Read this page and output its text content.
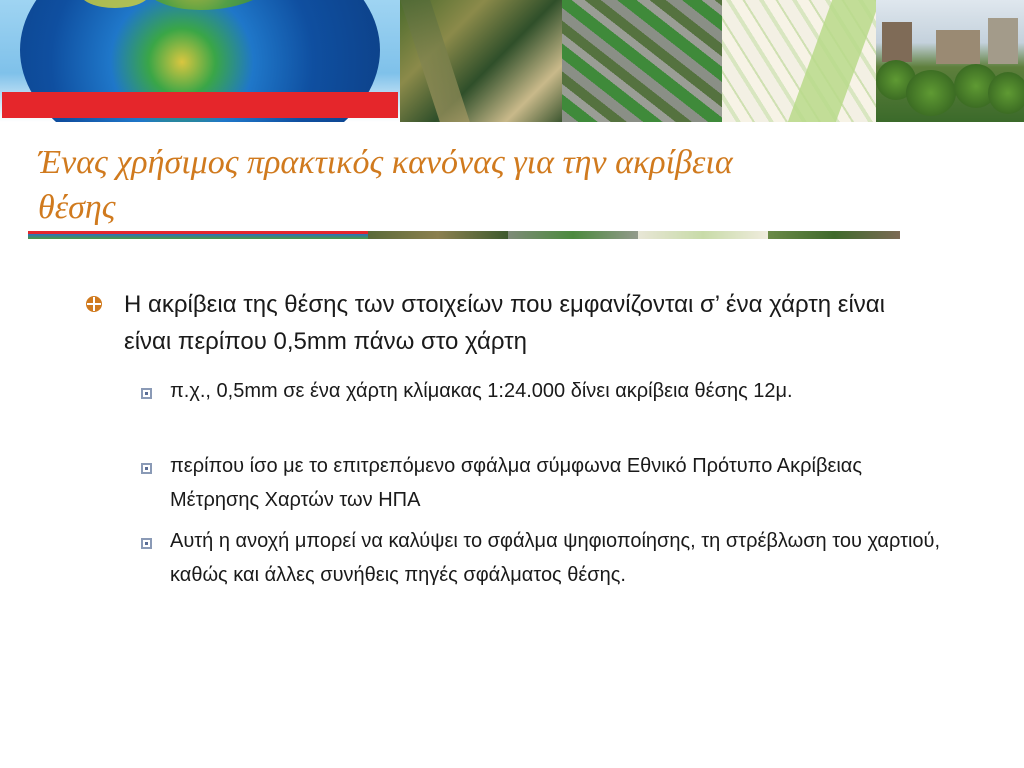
Ένας χρήσιμος πρακτικός κανόνας για την ακρίβεια θέσης
Η ακρίβεια της θέσης των στοιχείων που εμφανίζονται σ’ ένα χάρτη είναι είναι περίπου 0,5mm πάνω στο χάρτη
π.χ., 0,5mm σε ένα χάρτη κλίμακας 1:24.000 δίνει ακρίβεια θέσης 12μ.
περίπου ίσο με το επιτρεπόμενο σφάλμα σύμφωνα Εθνικό Πρότυπο Ακρίβειας Μέτρησης Χαρτών των ΗΠΑ
Αυτή η ανοχή μπορεί να καλύψει το σφάλμα ψηφιοποίησης, τη στρέβλωση του χαρτιού, καθώς και άλλες συνήθεις πηγές σφάλματος θέσης.
